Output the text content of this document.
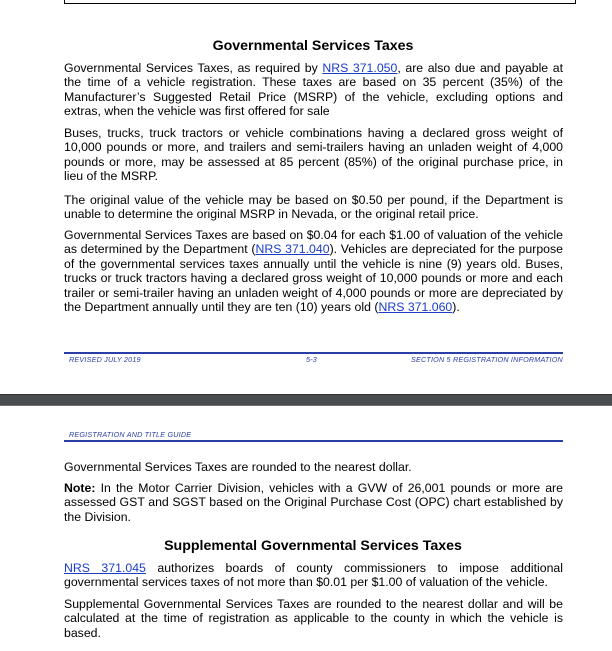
Governmental Services Taxes

Governmental Services Taxes, as required by NRS 371.050, are also due and payable at the time of a vehicle registration. These taxes are based on 35 percent (35%) of the Manufacturer’s Suggested Retail Price (MSRP) of the vehicle, excluding options and extras, when the vehicle was first offered for sale

Buses, trucks, truck tractors or vehicle combinations having a declared gross weight of 10,000 pounds or more, and trailers and semi-trailers having an unladen weight of 4,000 pounds or more, may be assessed at 85 percent (85%) of the original purchase price, in lieu of the MSRP.

The original value of the vehicle may be based on $0.50 per pound, if the Department is unable to determine the original MSRP in Nevada, or the original retail price.

Governmental Services Taxes are based on $0.04 for each $1.00 of valuation of the vehicle as determined by the Department (NRS 371.040). Vehicles are depreciated for the purpose of the governmental services taxes annually until the vehicle is nine (9) years old. Buses, trucks or truck tractors having a declared gross weight of 10,000 pounds or more and each trailer or semi-trailer having an unladen weight of 4,000 pounds or more are depreciated by the Department annually until they are ten (10) years old (NRS 371.060).

REVISED JULY 2019	5-3	SECTION 5 REGISTRATION INFORMATION
REGISTRATION AND TITLE GUIDE

Governmental Services Taxes are rounded to the nearest dollar.

Note: In the Motor Carrier Division, vehicles with a GVW of 26,001 pounds or more are assessed GST and SGST based on the Original Purchase Cost (OPC) chart established by the Division.

Supplemental Governmental Services Taxes

NRS 371.045 authorizes boards of county commissioners to impose additional governmental services taxes of not more than $0.01 per $1.00 of valuation of the vehicle.

Supplemental Governmental Services Taxes are rounded to the nearest dollar and will be calculated at the time of registration as applicable to the county in which the vehicle is based.
